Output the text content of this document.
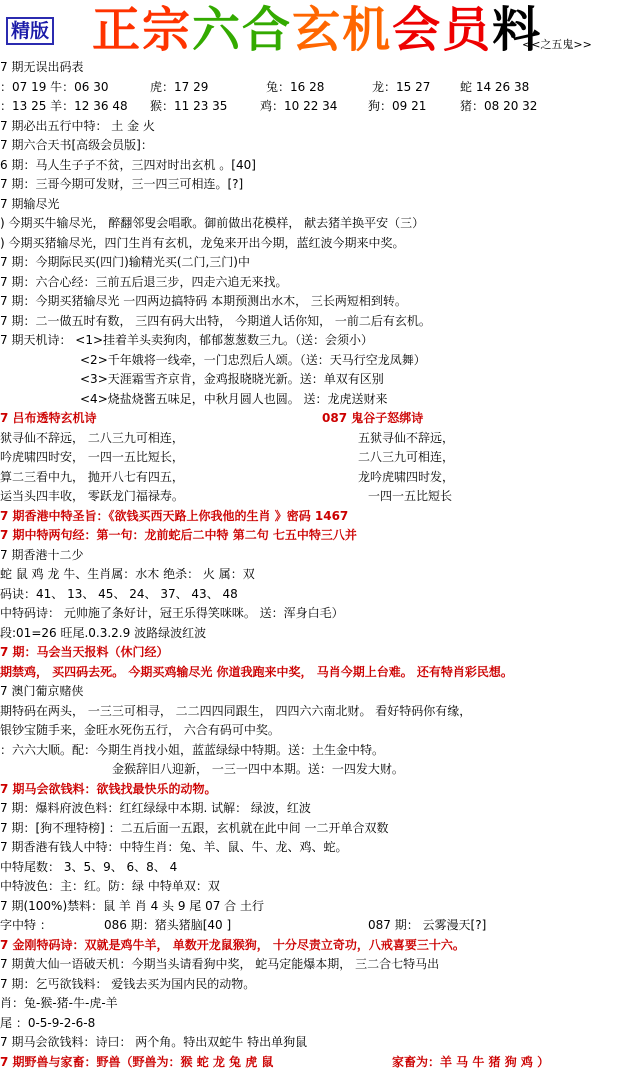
精版 正宗六合玄机会员料
<<之五鬼>>
7 期无误出码表
：07 19 牛：06 30	虎：17 29	兔：16 28	龙：15 27 蛇 14 26 38
：13 25 羊：12 36 48 猴：11 23 35	鸡：10 22 34	狗：09 21	猪：08 20 32
7 期必出五行中特： 土 金 火
7 期六合天书[高级会员版]：
6 期：马人生子子不贫，三四对时出玄机 。[40]
7 期：三哥今期可发财，三一四三可相连。[?]
7 期输尽光
) 今期买牛输尽光， 醉翻邻叟会唱歌。御前做出花模样， 献去猪羊换平安（三）
) 今期买猪输尽光，四门生肖有玄机，龙兔来开出今期，蓝红波今期来中奖。
7 期：今期际民买(四门)输精光买(二门,三门)中
7 期：六合心经：三前五后退三步，四走六追无来找。
7 期：今期买猪输尽光 一四两边搞特码 本期预测出水木， 三长两短相到转。
7 期：二一做五时有数， 三四有码大出特， 今期道人话你知， 一前二后有玄机。
7 期天机诗： <1>挂着羊头卖狗肉，郁郁葱葱数三九。（送：会须小）
<2>千年娥将一线牵，一门忠烈后人颂。（送：天马行空龙凤舞）
<3>天涯霜雪齐京肯，金鸡报晓晓光新。送：单双有区别
<4>烧盐烧酱五味足，中秋月圆人也圆。 送：龙虎送财来
7 吕布透特玄机诗	087 鬼谷子怒绑诗
狱寻仙不辞远， 二八三九可相连，	五狱寻仙不辞远，
吟虎啸四时安， 一四一五比短长，	二八三九可相连，
算二三看中九， 抛开八七有四五，	龙吟虎啸四时发，
运当头四丰收， 零跃龙门福禄寿。	一四一五比短长
7 期香港中特圣旨：《欲钱买西天路上你我他的生肖 》密码 1467
7 期中特两句经：第一句：龙前蛇后二中特 第二句 七五中特三八并
7 期香港十二少
蛇 鼠 鸡 龙 牛、生肖属：水木 绝杀： 火 属：双
码诀：41、 13、 45、 24、 37、 43、 48
中特码诗： 元帅施了条好计，冠王乐得笑咪咪。 送：浑身白毛）
段:01=26 旺尾.0.3.2.9 波路绿波红波
7 期：马会当天报料（休门经）
期禁鸡， 买四码去死。 今期买鸡输尽光 你道我跑来中奖， 马肖今期上台难。 还有特肖彩民想。
7 澳门葡京赌侠
期特码在两头， 一三三可相寻， 二二四四同跟生， 四四六六南北财。 看好特码你有缘，
银钞宝随手来，金旺水死伤五行， 六合有码可中奖。
：六六大顺。配：今期生肖找小姐，蓝蓝绿绿中特期。送：土生金中特。
金猴辞旧八迎新， 一三一四中本期。送：一四发大财。
7 期马会欲钱料：欲钱找最快乐的动物。
7 期：爆料府波色料：红红绿绿中本期. 试解： 绿波，红波
7 期：[狗不理特榜] ：二五后面一五跟，玄机就在此中间 一二开单合双数
7 期香港有钱人中特：中特生肖：兔、羊、鼠、牛、龙、鸡、蛇。
中特尾数： 3、5、9、 6、8、 4
中特波色：主：红。防：绿 中特单双：双
7 期(100%)禁料：鼠 羊 肖 4 头 9 尾 07 合 土行
字中特 ：	086 期：猪头猪脑[40 ]	087 期： 云雾漫天[?]
7 金刚特码诗：双就是鸡牛羊， 单数开龙鼠猴狗， 十分尽责立奇功，八戒喜要三十六。
7 期黄大仙一语破天机：今期当头请看狗中奖， 蛇马定能爆本期， 三二合七特马出
7 期：乞丐欲钱料： 爱钱去买为国内民的动物。
肖：兔-猴-猪-牛-虎-羊
尾 ：0-5-9-2-6-8
7 期马会欲钱料：诗曰： 两个角。特出双蛇牛 特出单狗鼠
7 期野兽与家畜：野兽（野兽为：猴 蛇 龙 兔 虎 鼠	家畜为：羊 马 牛 猪 狗 鸡 ）
